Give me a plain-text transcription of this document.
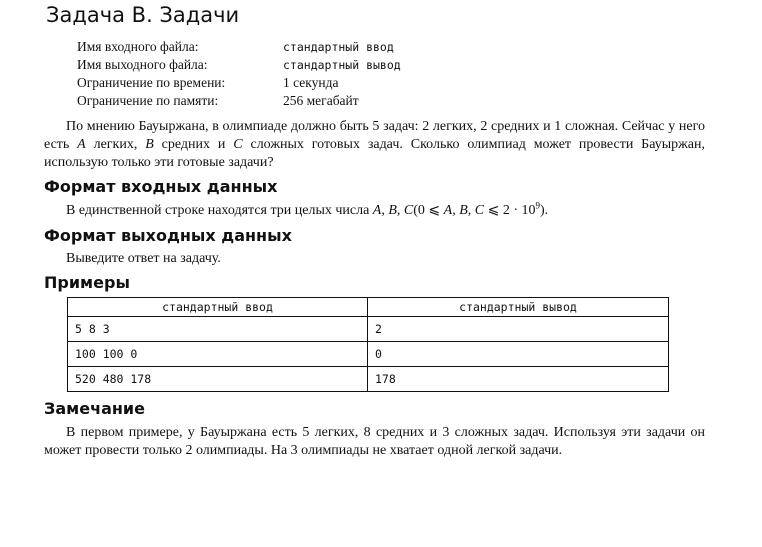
Задача B. Задачи
Имя входного файла:	стандартный ввод
Имя выходного файла:	стандартный вывод
Ограничение по времени:	1 секунда
Ограничение по памяти:	256 мегабайт
По мнению Бауыржана, в олимпиаде должно быть 5 задач: 2 легких, 2 средних и 1 сложная. Сейчас у него есть A легких, B средних и C сложных готовых задач. Сколько олимпиад может провести Бауыржан, использую только эти готовые задачи?
Формат входных данных
В единственной строке находятся три целых числа A, B, C(0 ⩽ A, B, C ⩽ $2 \cdot 10^9$).
Формат выходных данных
Выведите ответ на задачу.
Примеры
стандартный ввод	стандартный вывод
5 8 3	2
100 100 0	0
520 480 178	178
Замечание
В первом примере, у Бауыржана есть 5 легких, 8 средних и 3 сложных задач. Используя эти задачи он может провести только 2 олимпиады. На 3 олимпиады не хватает одной легкой задачи.
